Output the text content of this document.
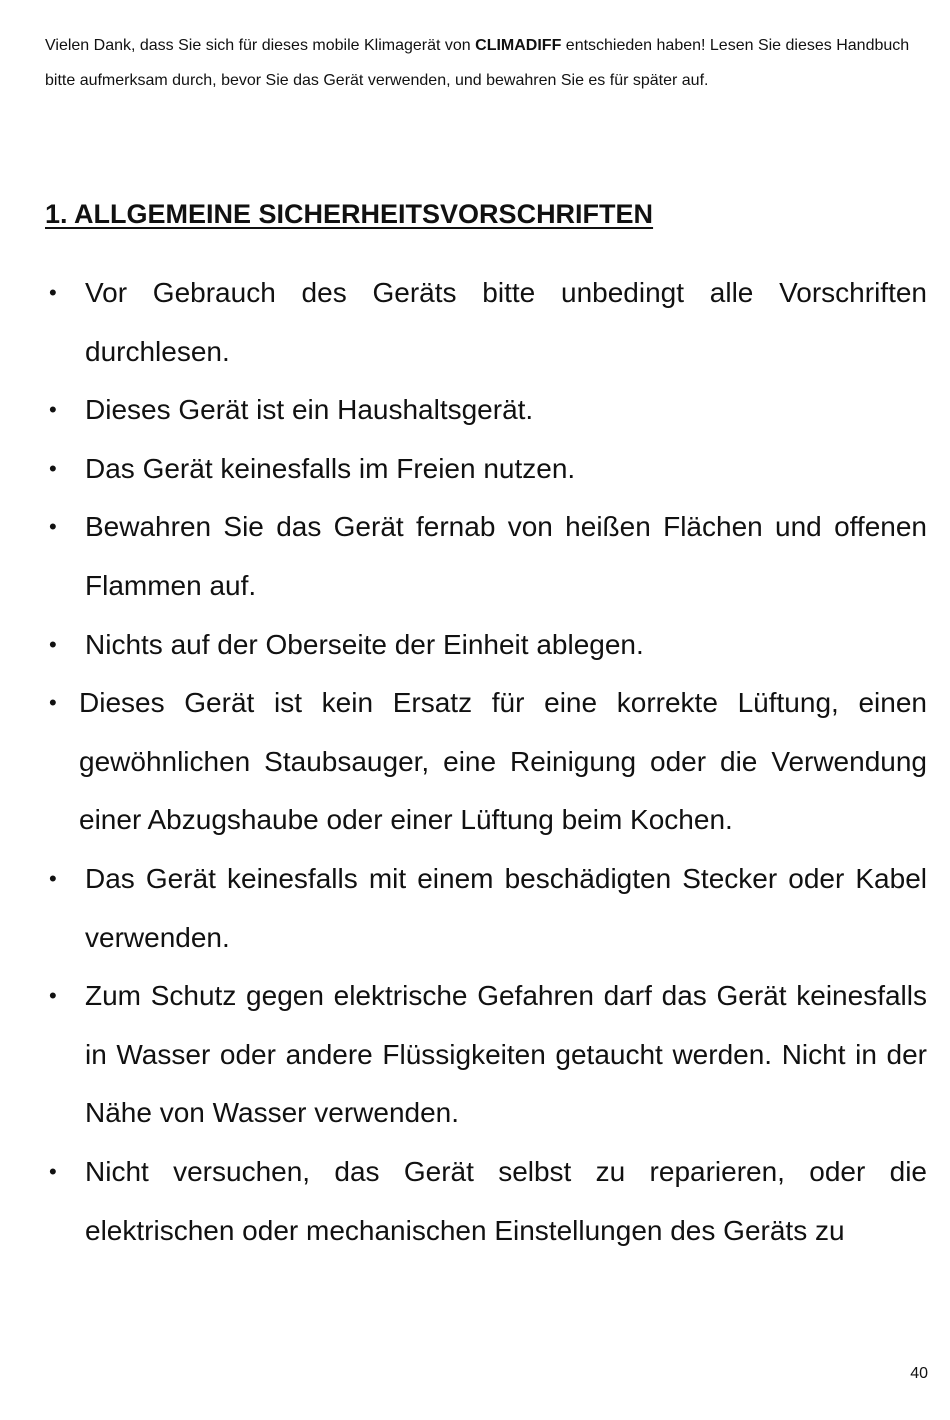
Vielen Dank, dass Sie sich für dieses mobile Klimagerät von CLIMADIFF entschieden haben! Lesen Sie dieses Handbuch bitte aufmerksam durch, bevor Sie das Gerät verwenden, und bewahren Sie es für später auf.

1. ALLGEMEINE SICHERHEITSVORSCHRIFTEN
• Vor Gebrauch des Geräts bitte unbedingt alle Vorschriften durchlesen.
• Dieses Gerät ist ein Haushaltsgerät.
• Das Gerät keinesfalls im Freien nutzen.
• Bewahren Sie das Gerät fernab von heißen Flächen und offenen Flammen auf.
• Nichts auf der Oberseite der Einheit ablegen.
• Dieses Gerät ist kein Ersatz für eine korrekte Lüftung, einen gewöhnlichen Staubsauger, eine Reinigung oder die Verwendung einer Abzugshaube oder einer Lüftung beim Kochen.
• Das Gerät keinesfalls mit einem beschädigten Stecker oder Kabel verwenden.
• Zum Schutz gegen elektrische Gefahren darf das Gerät keinesfalls in Wasser oder andere Flüssigkeiten getaucht werden. Nicht in der Nähe von Wasser verwenden.
• Nicht versuchen, das Gerät selbst zu reparieren, oder die elektrischen oder mechanischen Einstellungen des Geräts zu
40
